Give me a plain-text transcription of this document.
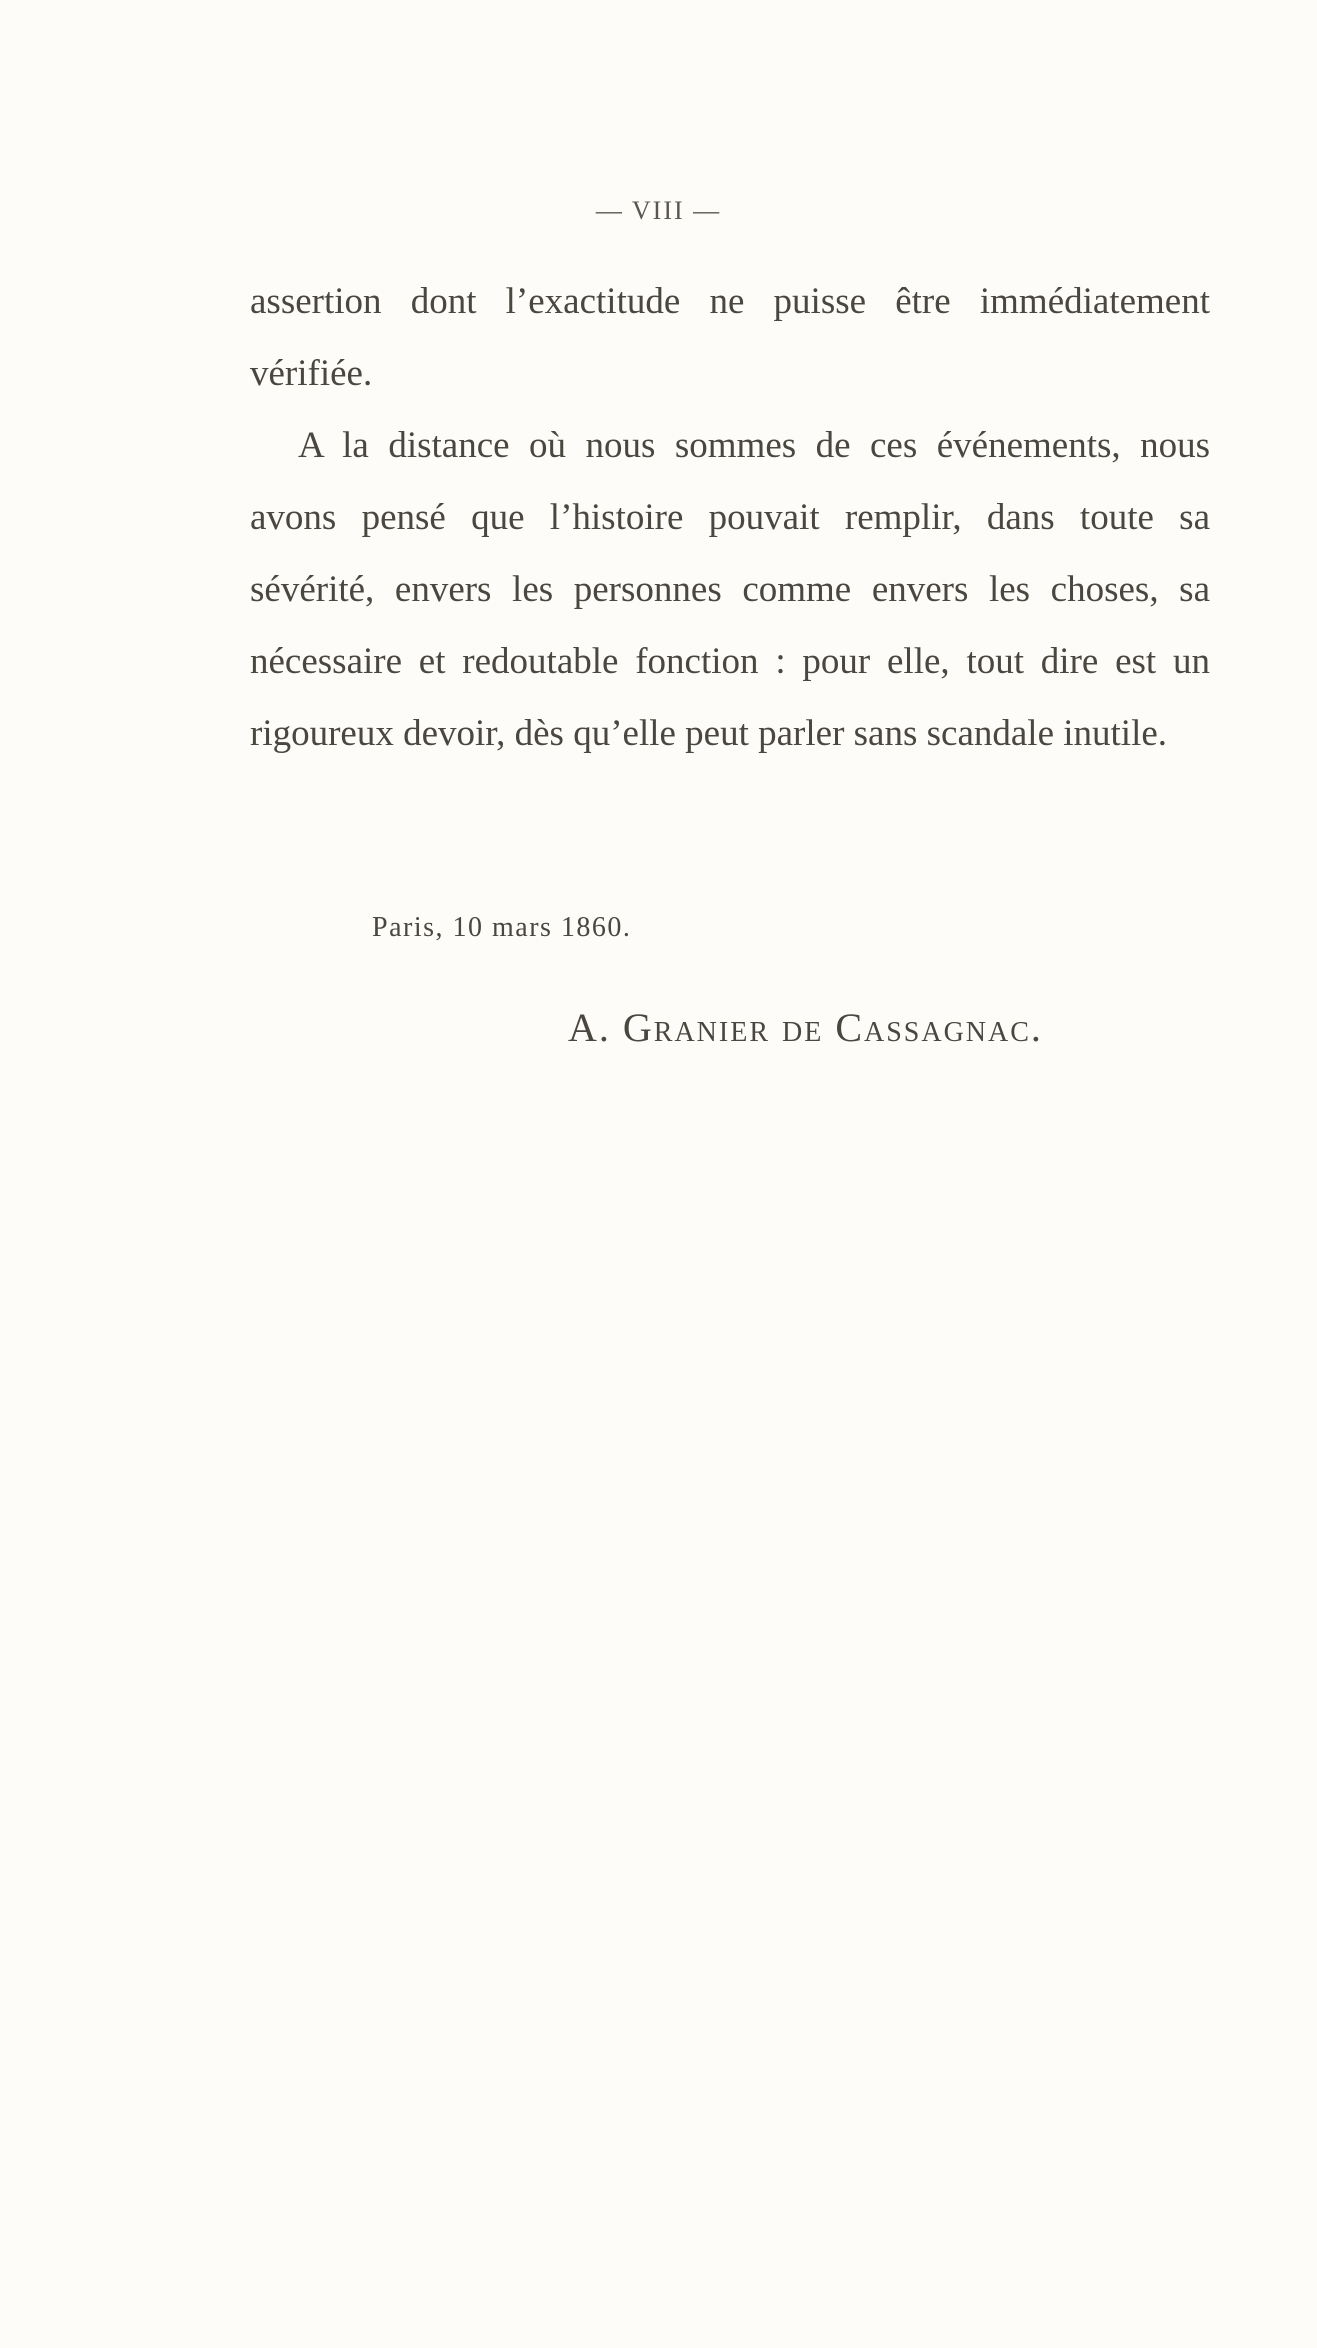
— VIII —

assertion dont l’exactitude ne puisse être immédiatement vérifiée.

A la distance où nous sommes de ces événements, nous avons pensé que l’histoire pouvait remplir, dans toute sa sévérité, envers les personnes comme envers les choses, sa nécessaire et redoutable fonction : pour elle, tout dire est un rigoureux devoir, dès qu’elle peut parler sans scandale inutile.

Paris, 10 mars 1860.
A. Granier de Cassagnac.
